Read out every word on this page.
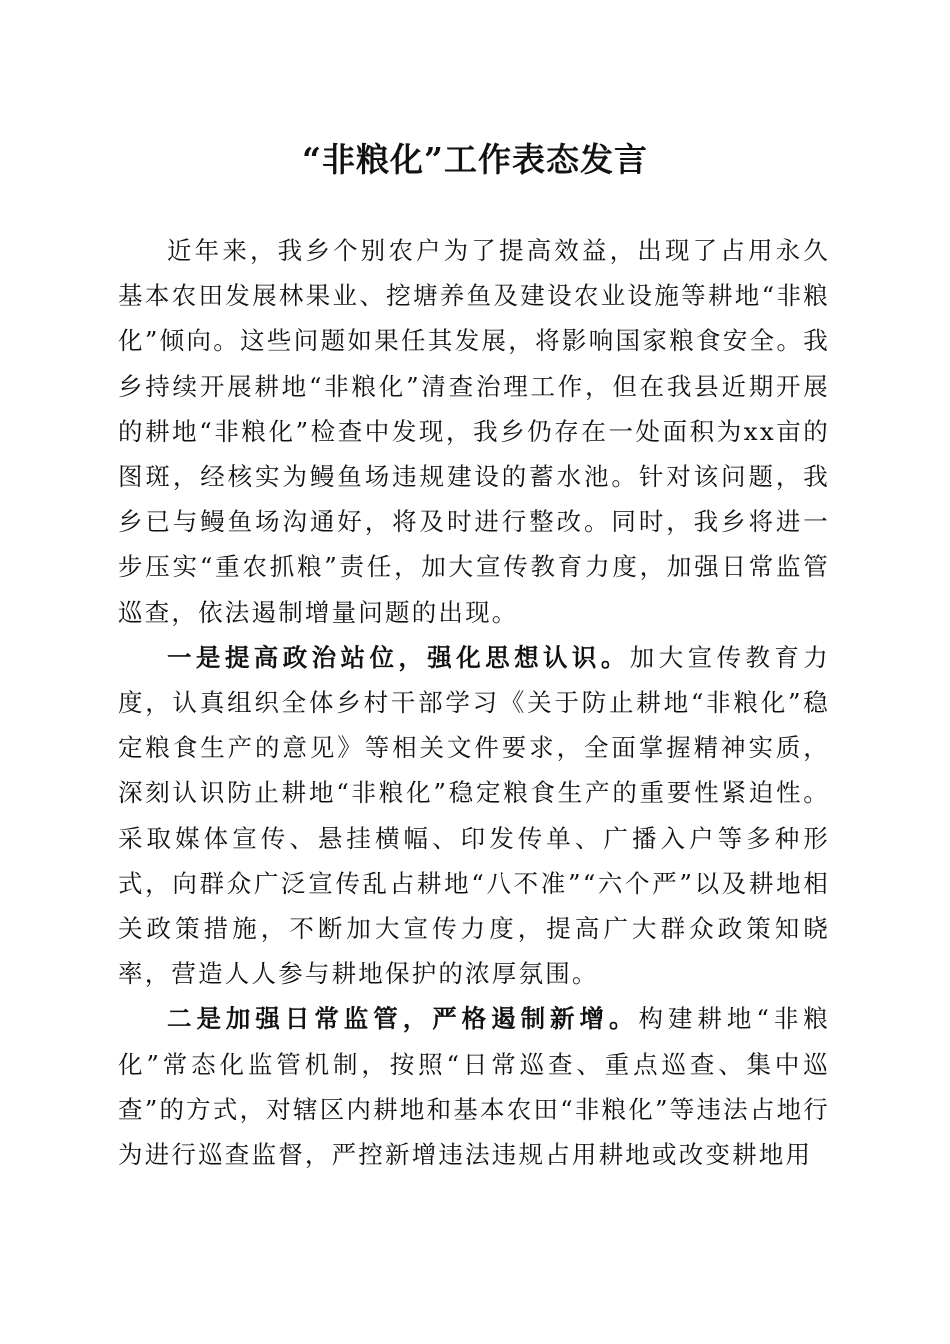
“非粮化”工作表态发言

近年来，我乡个别农户为了提高效益，出现了占用永久基本农田发展林果业、挖塘养鱼及建设农业设施等耕地“非粮化”倾向。这些问题如果任其发展，将影响国家粮食安全。我乡持续开展耕地“非粮化”清查治理工作，但在我县近期开展的耕地“非粮化”检查中发现，我乡仍存在一处面积为xx亩的图斑，经核实为鳗鱼场违规建设的蓄水池。针对该问题，我乡已与鳗鱼场沟通好，将及时进行整改。同时，我乡将进一步压实“重农抓粮”责任，加大宣传教育力度，加强日常监管巡查，依法遏制增量问题的出现。

一是提高政治站位，强化思想认识。加大宣传教育力度，认真组织全体乡村干部学习《关于防止耕地“非粮化”稳定粮食生产的意见》等相关文件要求，全面掌握精神实质，深刻认识防止耕地“非粮化”稳定粮食生产的重要性紧迫性。采取媒体宣传、悬挂横幅、印发传单、广播入户等多种形式，向群众广泛宣传乱占耕地“八不准”“六个严”以及耕地相关政策措施，不断加大宣传力度，提高广大群众政策知晓率，营造人人参与耕地保护的浓厚氛围。

二是加强日常监管，严格遏制新增。构建耕地“非粮化”常态化监管机制，按照“日常巡查、重点巡查、集中巡查”的方式，对辖区内耕地和基本农田“非粮化”等违法占地行为进行巡查监督，严控新增违法违规占用耕地或改变耕地用
